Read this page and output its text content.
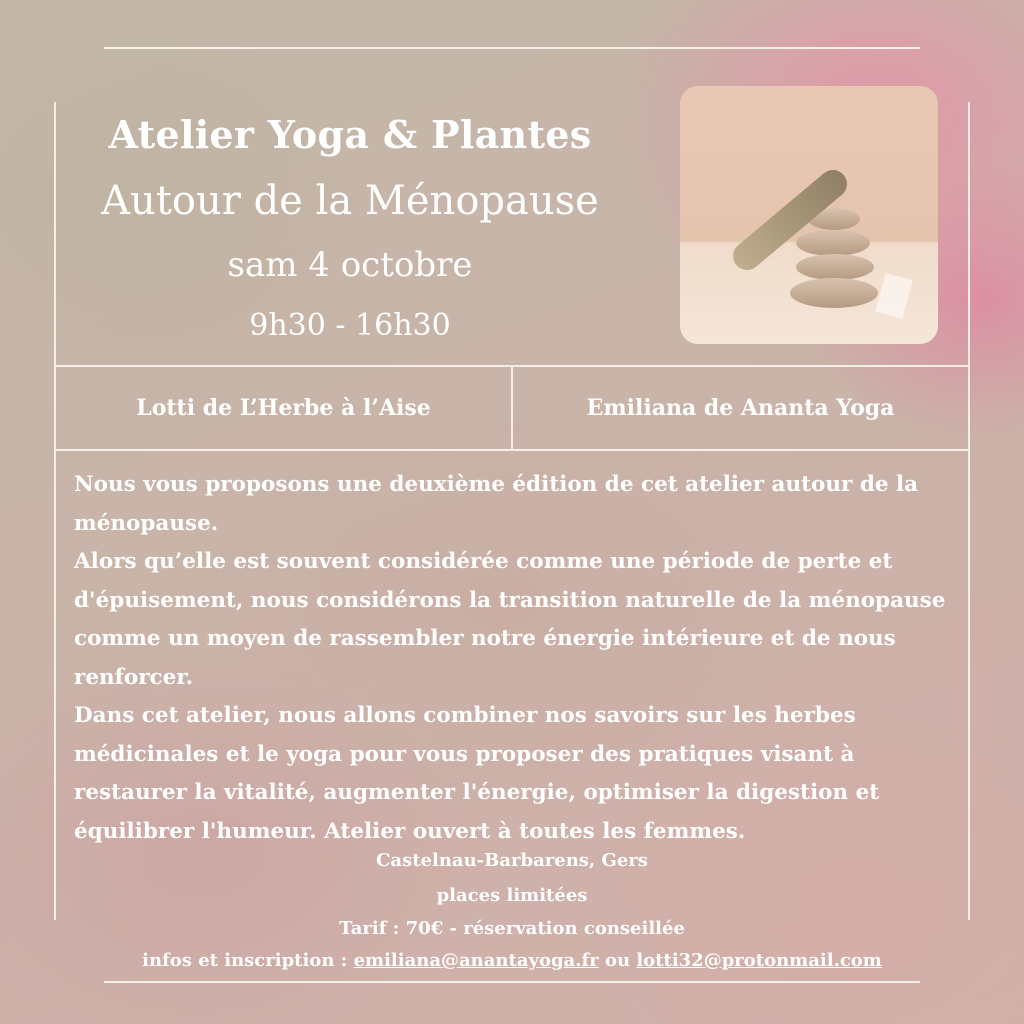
Atelier Yoga & Plantes
Autour de la Ménopause
sam 4 octobre
9h30 - 16h30
Lotti de L’Herbe à l’Aise	Emiliana de Ananta Yoga

Nous vous proposons une deuxième édition de cet atelier autour de la ménopause.

Alors qu’elle est souvent considérée comme une période de perte et d'épuisement, nous considérons la transition naturelle de la ménopause comme un moyen de rassembler notre énergie intérieure et de nous renforcer.

Dans cet atelier, nous allons combiner nos savoirs sur les herbes médicinales et le yoga pour vous proposer des pratiques visant à restaurer la vitalité, augmenter l'énergie, optimiser la digestion et équilibrer l'humeur. Atelier ouvert à toutes les femmes.

Castelnau-Barbarens, Gers
places limitées
Tarif : 70€ - réservation conseillée
infos et inscription : emiliana@anantayoga.fr ou lotti32@protonmail.com
